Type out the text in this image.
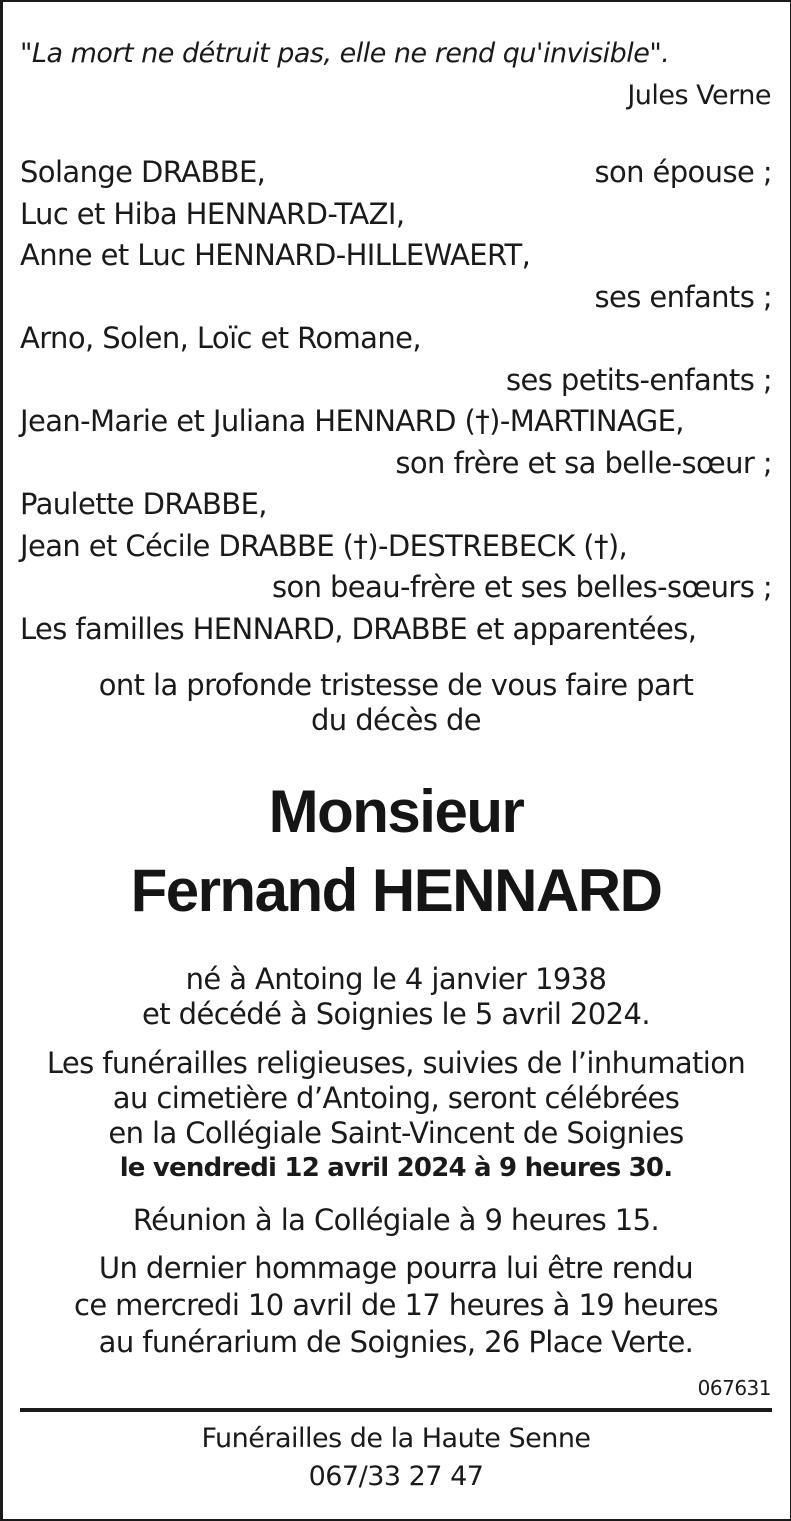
"La mort ne détruit pas, elle ne rend qu'invisible".
Jules Verne
Solange DRABBE,	son épouse ;
Luc et Hiba HENNARD-TAZI,
Anne et Luc HENNARD-HILLEWAERT,
ses enfants ;
Arno, Solen, Loïc et Romane,
ses petits-enfants ;
Jean-Marie et Juliana HENNARD (†)-MARTINAGE,
son frère et sa belle-sœur ;
Paulette DRABBE,
Jean et Cécile DRABBE (†)-DESTREBECK (†),
son beau-frère et ses belles-sœurs ;
Les familles HENNARD, DRABBE et apparentées,
ont la profonde tristesse de vous faire part
du décès de
Monsieur
Fernand HENNARD
né à Antoing le 4 janvier 1938
et décédé à Soignies le 5 avril 2024.
Les funérailles religieuses, suivies de l’inhumation
au cimetière d’Antoing, seront célébrées
en la Collégiale Saint-Vincent de Soignies
le vendredi 12 avril 2024 à 9 heures 30.
Réunion à la Collégiale à 9 heures 15.
Un dernier hommage pourra lui être rendu
ce mercredi 10 avril de 17 heures à 19 heures
au funérarium de Soignies, 26 Place Verte.
067631
Funérailles de la Haute Senne
067/33 27 47
